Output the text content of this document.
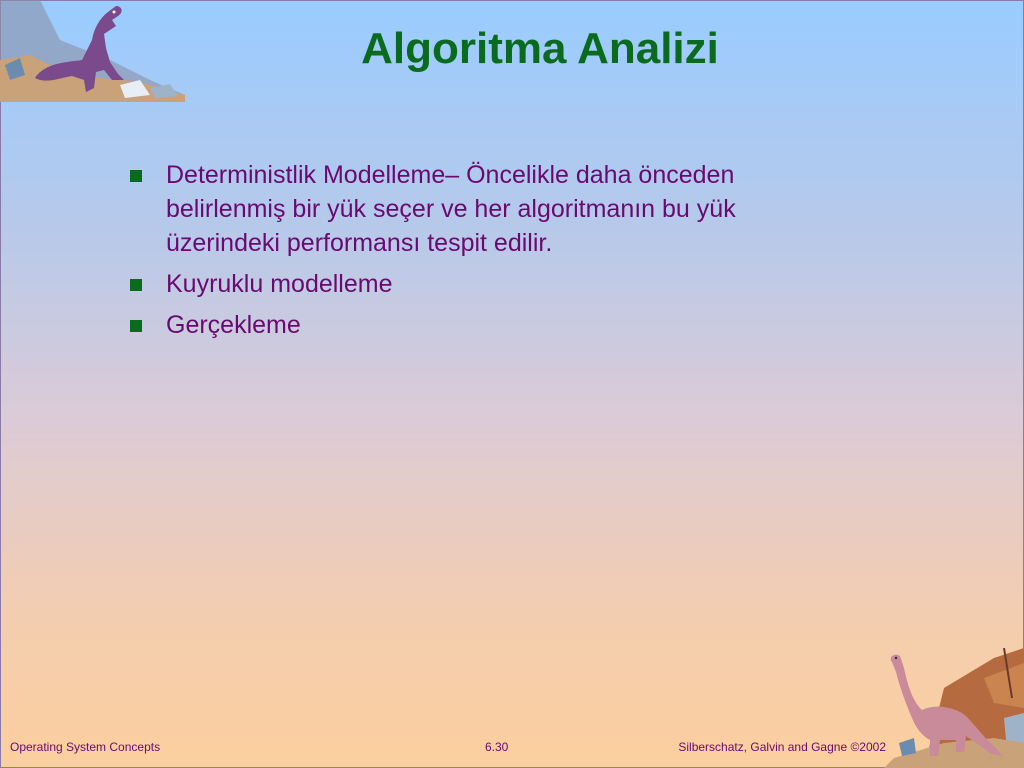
Algoritma Analizi
Deterministlik Modelleme– Öncelikle daha önceden belirlenmiş bir yük seçer ve her algoritmanın bu yük üzerindeki performansı tespit edilir.
Kuyruklu modelleme
Gerçekleme
Operating System Concepts	6.30	Silberschatz, Galvin and Gagne ©2002
